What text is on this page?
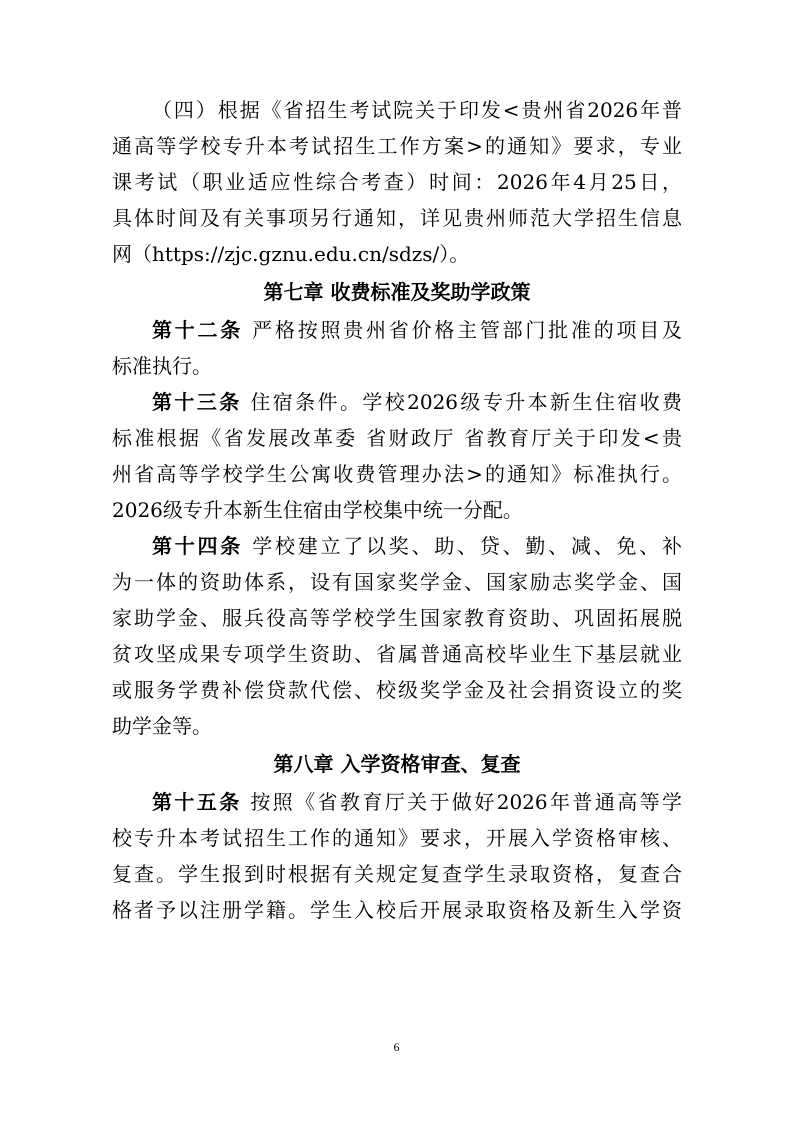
（四）根据《省招生考试院关于印发<贵州省2026年普
通高等学校专升本考试招生工作方案>的通知》要求，专业
课考试（职业适应性综合考查）时间：2026年4月25日，
具体时间及有关事项另行通知，详见贵州师范大学招生信息
网（https://zjc.gznu.edu.cn/sdzs/）。
第七章 收费标准及奖助学政策
第十二条 严格按照贵州省价格主管部门批准的项目及
标准执行。
第十三条 住宿条件。学校2026级专升本新生住宿收费
标准根据《省发展改革委 省财政厅 省教育厅关于印发<贵
州省高等学校学生公寓收费管理办法>的通知》标准执行。
2026级专升本新生住宿由学校集中统一分配。
第十四条 学校建立了以奖、助、贷、勤、减、免、补
为一体的资助体系，设有国家奖学金、国家励志奖学金、国
家助学金、服兵役高等学校学生国家教育资助、巩固拓展脱
贫攻坚成果专项学生资助、省属普通高校毕业生下基层就业
或服务学费补偿贷款代偿、校级奖学金及社会捐资设立的奖
助学金等。
第八章 入学资格审查、复查
第十五条 按照《省教育厅关于做好2026年普通高等学
校专升本考试招生工作的通知》要求，开展入学资格审核、
复查。学生报到时根据有关规定复查学生录取资格，复查合
格者予以注册学籍。学生入校后开展录取资格及新生入学资
6
